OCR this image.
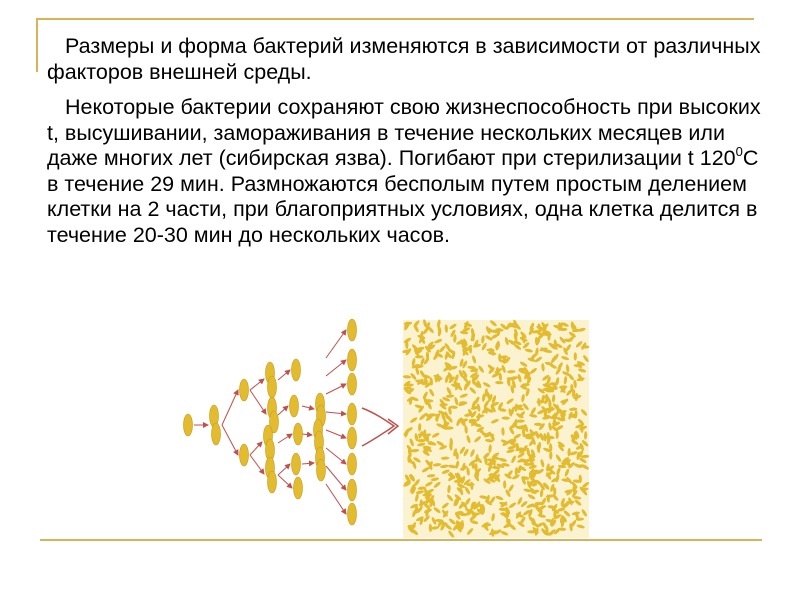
Размеры и форма бактерий изменяются в зависимости от различных факторов внешней среды.

Некоторые бактерии сохраняют свою жизнеспособность при высоких t, высушивании, замораживания в течение нескольких месяцев или даже многих лет (сибирская язва). Погибают при стерилизации t $120^0С$ в течение 29 мин. Размножаются бесполым путем простым делением клетки на 2 части, при благоприятных условиях, одна клетка делится в течение 20-30 мин до нескольких часов.
